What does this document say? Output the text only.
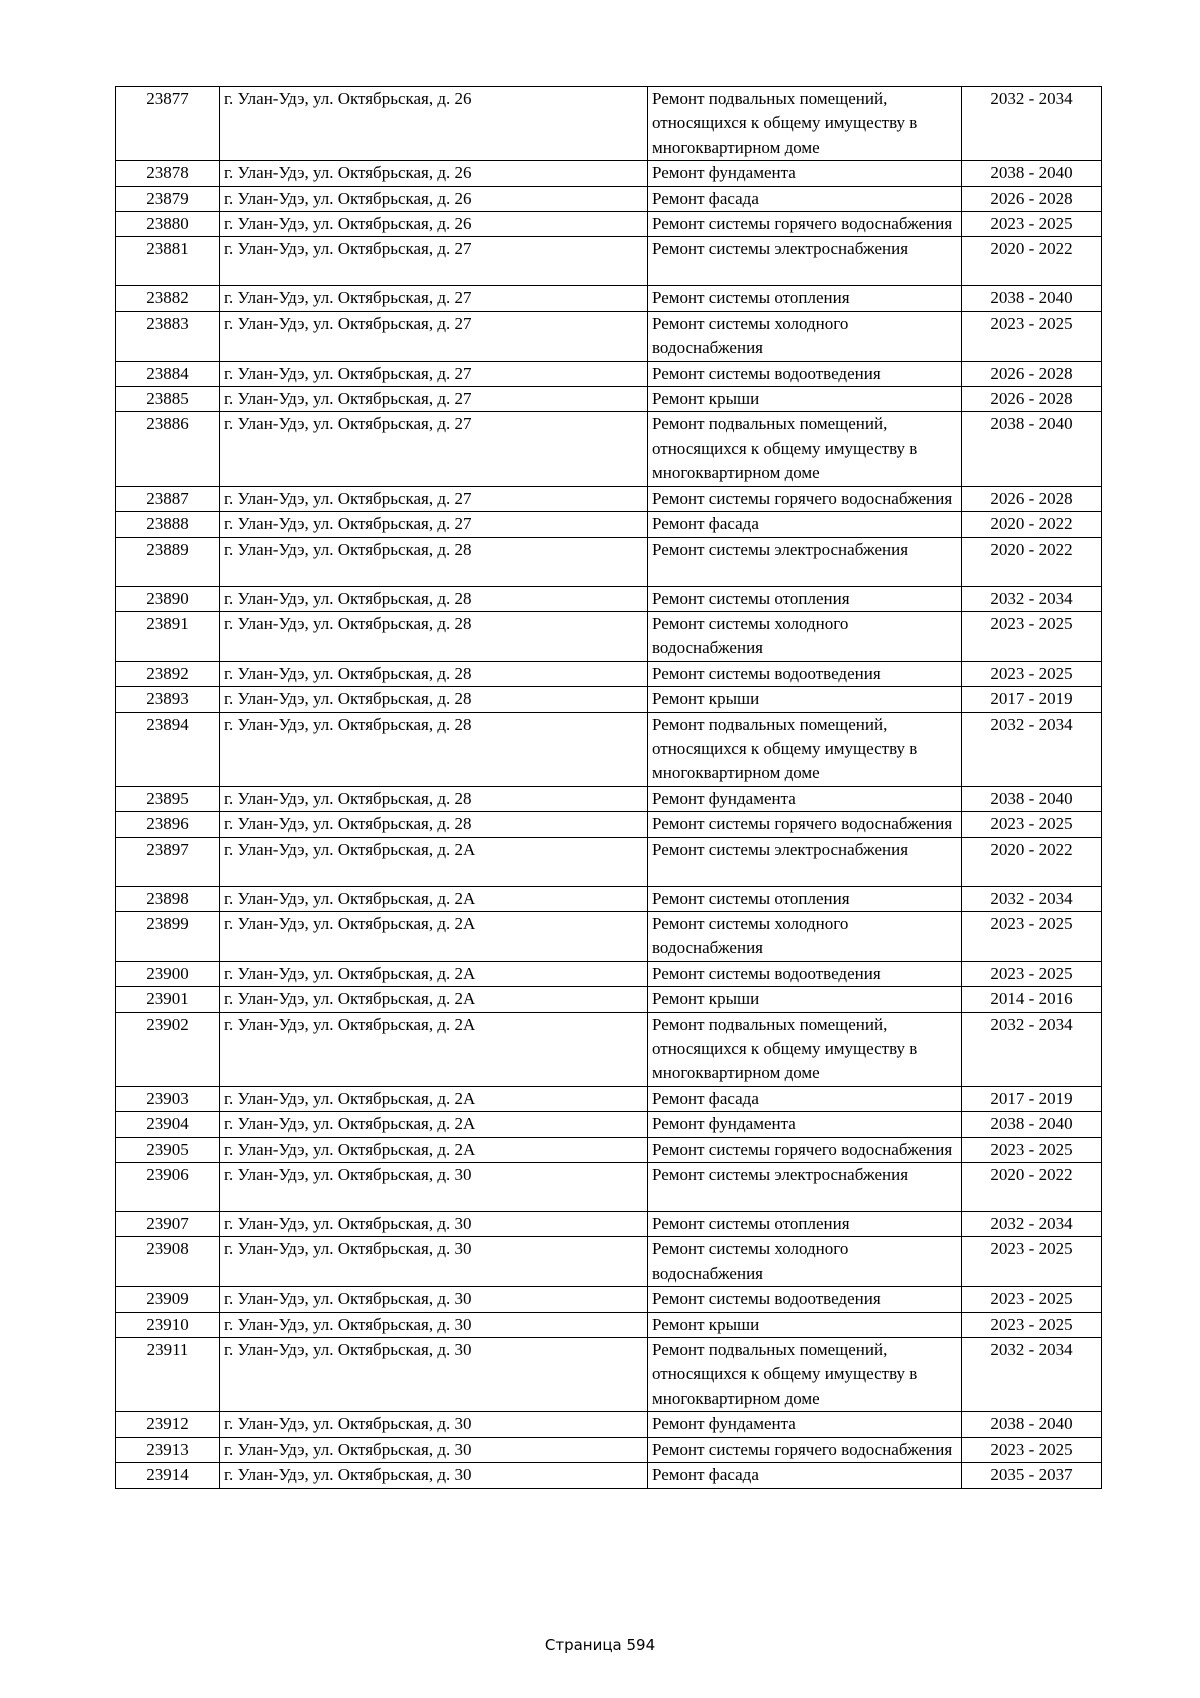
23877	г. Улан-Удэ, ул. Октябрьская, д. 26	Ремонт подвальных помещений, относящихся к общему имуществу в многоквартирном доме	2032 - 2034
23878	г. Улан-Удэ, ул. Октябрьская, д. 26	Ремонт фундамента	2038 - 2040
23879	г. Улан-Удэ, ул. Октябрьская, д. 26	Ремонт фасада	2026 - 2028
23880	г. Улан-Удэ, ул. Октябрьская, д. 26	Ремонт системы горячего водоснабжения	2023 - 2025
23881	г. Улан-Удэ, ул. Октябрьская, д. 27	Ремонт системы электроснабжения	2020 - 2022
23882	г. Улан-Удэ, ул. Октябрьская, д. 27	Ремонт системы отопления	2038 - 2040
23883	г. Улан-Удэ, ул. Октябрьская, д. 27	Ремонт системы холодного водоснабжения	2023 - 2025
23884	г. Улан-Удэ, ул. Октябрьская, д. 27	Ремонт системы водоотведения	2026 - 2028
23885	г. Улан-Удэ, ул. Октябрьская, д. 27	Ремонт крыши	2026 - 2028
23886	г. Улан-Удэ, ул. Октябрьская, д. 27	Ремонт подвальных помещений, относящихся к общему имуществу в многоквартирном доме	2038 - 2040
23887	г. Улан-Удэ, ул. Октябрьская, д. 27	Ремонт системы горячего водоснабжения	2026 - 2028
23888	г. Улан-Удэ, ул. Октябрьская, д. 27	Ремонт фасада	2020 - 2022
23889	г. Улан-Удэ, ул. Октябрьская, д. 28	Ремонт системы электроснабжения	2020 - 2022
23890	г. Улан-Удэ, ул. Октябрьская, д. 28	Ремонт системы отопления	2032 - 2034
23891	г. Улан-Удэ, ул. Октябрьская, д. 28	Ремонт системы холодного водоснабжения	2023 - 2025
23892	г. Улан-Удэ, ул. Октябрьская, д. 28	Ремонт системы водоотведения	2023 - 2025
23893	г. Улан-Удэ, ул. Октябрьская, д. 28	Ремонт крыши	2017 - 2019
23894	г. Улан-Удэ, ул. Октябрьская, д. 28	Ремонт подвальных помещений, относящихся к общему имуществу в многоквартирном доме	2032 - 2034
23895	г. Улан-Удэ, ул. Октябрьская, д. 28	Ремонт фундамента	2038 - 2040
23896	г. Улан-Удэ, ул. Октябрьская, д. 28	Ремонт системы горячего водоснабжения	2023 - 2025
23897	г. Улан-Удэ, ул. Октябрьская, д. 2А	Ремонт системы электроснабжения	2020 - 2022
23898	г. Улан-Удэ, ул. Октябрьская, д. 2А	Ремонт системы отопления	2032 - 2034
23899	г. Улан-Удэ, ул. Октябрьская, д. 2А	Ремонт системы холодного водоснабжения	2023 - 2025
23900	г. Улан-Удэ, ул. Октябрьская, д. 2А	Ремонт системы водоотведения	2023 - 2025
23901	г. Улан-Удэ, ул. Октябрьская, д. 2А	Ремонт крыши	2014 - 2016
23902	г. Улан-Удэ, ул. Октябрьская, д. 2А	Ремонт подвальных помещений, относящихся к общему имуществу в многоквартирном доме	2032 - 2034
23903	г. Улан-Удэ, ул. Октябрьская, д. 2А	Ремонт фасада	2017 - 2019
23904	г. Улан-Удэ, ул. Октябрьская, д. 2А	Ремонт фундамента	2038 - 2040
23905	г. Улан-Удэ, ул. Октябрьская, д. 2А	Ремонт системы горячего водоснабжения	2023 - 2025
23906	г. Улан-Удэ, ул. Октябрьская, д. 30	Ремонт системы электроснабжения	2020 - 2022
23907	г. Улан-Удэ, ул. Октябрьская, д. 30	Ремонт системы отопления	2032 - 2034
23908	г. Улан-Удэ, ул. Октябрьская, д. 30	Ремонт системы холодного водоснабжения	2023 - 2025
23909	г. Улан-Удэ, ул. Октябрьская, д. 30	Ремонт системы водоотведения	2023 - 2025
23910	г. Улан-Удэ, ул. Октябрьская, д. 30	Ремонт крыши	2023 - 2025
23911	г. Улан-Удэ, ул. Октябрьская, д. 30	Ремонт подвальных помещений, относящихся к общему имуществу в многоквартирном доме	2032 - 2034
23912	г. Улан-Удэ, ул. Октябрьская, д. 30	Ремонт фундамента	2038 - 2040
23913	г. Улан-Удэ, ул. Октябрьская, д. 30	Ремонт системы горячего водоснабжения	2023 - 2025
23914	г. Улан-Удэ, ул. Октябрьская, д. 30	Ремонт фасада	2035 - 2037
Страница 594
